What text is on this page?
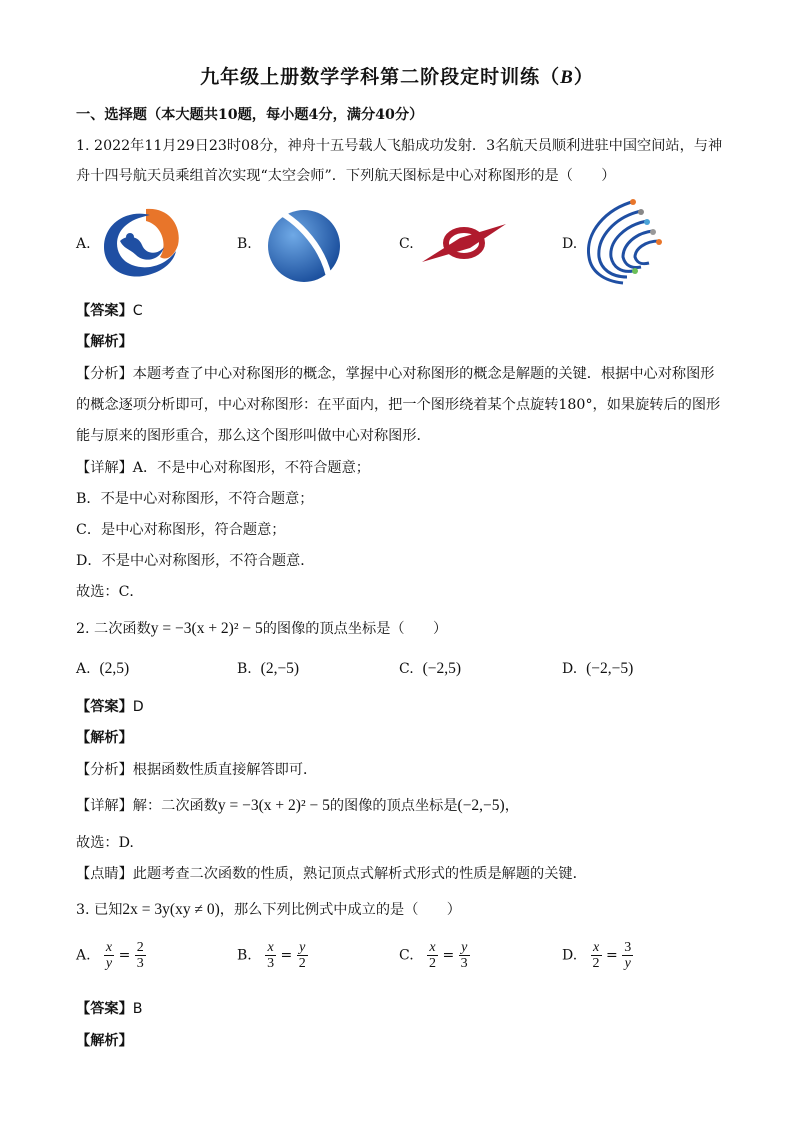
九年级上册数学学科第二阶段定时训练（B）
一、选择题（本大题共10题，每小题4分，满分40分）
1. 2022年11月29日23时08分，神舟十五号载人飞船成功发射．3名航天员顺利进驻中国空间站，与神
舟十四号航天员乘组首次实现“太空会师”．下列航天图标是中心对称图形的是（　　）
A.	B.	C.	D.
【答案】C
【解析】
【分析】本题考查了中心对称图形的概念，掌握中心对称图形的概念是解题的关键．根据中心对称图形
的概念逐项分析即可，中心对称图形：在平面内，把一个图形绕着某个点旋转180°，如果旋转后的图形
能与原来的图形重合，那么这个图形叫做中心对称图形．
【详解】A．不是中心对称图形，不符合题意；
B．不是中心对称图形，不符合题意；
C．是中心对称图形，符合题意；
D．不是中心对称图形，不符合题意．
故选：C．
2. 二次函数y = −3(x + 2)² − 5的图像的顶点坐标是（　　）
A. (2,5)	B. (2,−5)	C. (−2,5)	D. (−2,−5)
【答案】D
【解析】
【分析】根据函数性质直接解答即可．
【详解】解：二次函数y = −3(x + 2)² − 5的图像的顶点坐标是(−2,−5)，
故选：D.
【点睛】此题考查二次函数的性质，熟记顶点式解析式形式的性质是解题的关键．
3. 已知2x = 3y(xy ≠ 0)，那么下列比例式中成立的是（　　）
A. $\frac{x}{y} = \frac{2}{3}$	B. $\frac{x}{3} = \frac{y}{2}$	C. $\frac{x}{2} = \frac{y}{3}$	D. $\frac{x}{2} = \frac{3}{y}$
【答案】B
【解析】
